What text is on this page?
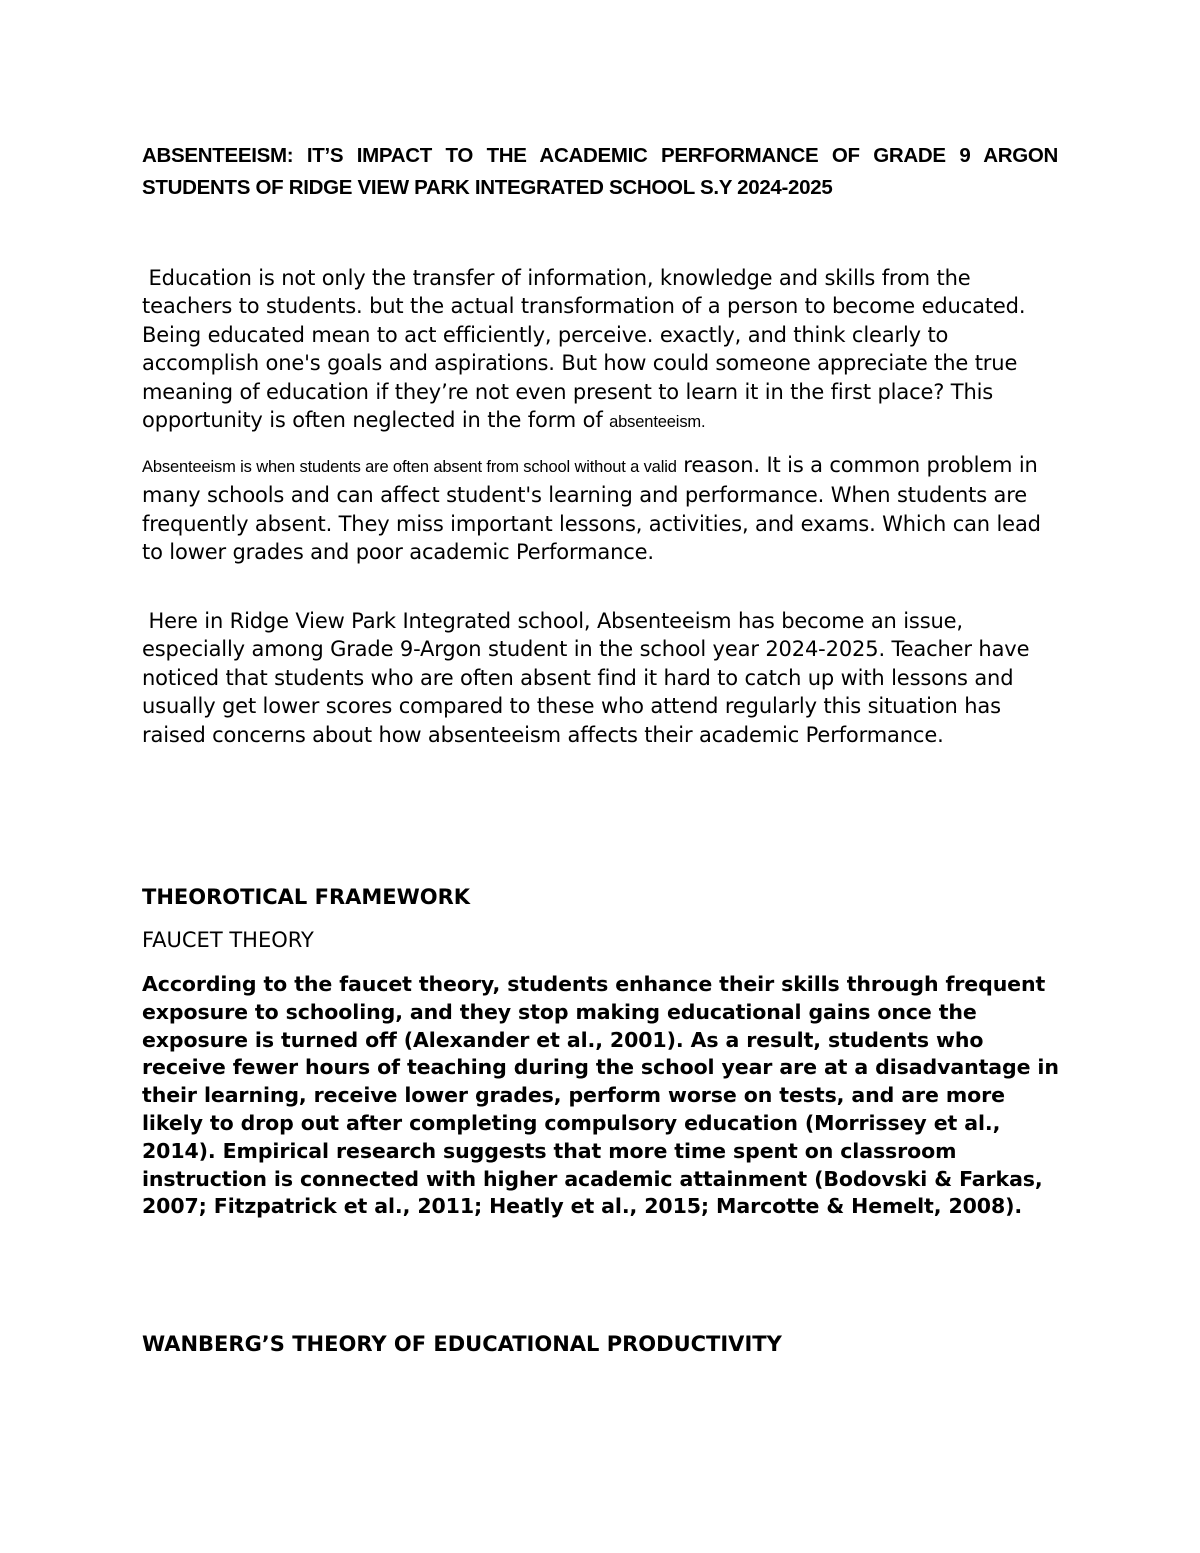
ABSENTEEISM: IT’S IMPACT TO THE ACADEMIC PERFORMANCE OF GRADE 9 ARGON
STUDENTS OF RIDGE VIEW PARK INTEGRATED SCHOOL S.Y 2024-2025

Education is not only the transfer of information, knowledge and skills from the teachers to students. but the actual transformation of a person to become educated. Being educated mean to act efficiently, perceive. exactly, and think clearly to accomplish one's goals and aspirations. But how could someone appreciate the true meaning of education if they’re not even present to learn it in the first place? This opportunity is often neglected in the form of absenteeism.

Absenteeism is when students are often absent from school without a valid reason. It is a common problem in many schools and can affect student's learning and performance. When students are frequently absent. They miss important lessons, activities, and exams. Which can lead to lower grades and poor academic Performance.

Here in Ridge View Park Integrated school, Absenteeism has become an issue, especially among Grade 9-Argon student in the school year 2024-2025. Teacher have noticed that students who are often absent find it hard to catch up with lessons and usually get lower scores compared to these who attend regularly this situation has raised concerns about how absenteeism affects their academic Performance.

THEOROTICAL FRAMEWORK
FAUCET THEORY

According to the faucet theory, students enhance their skills through frequent exposure to schooling, and they stop making educational gains once the exposure is turned off (Alexander et al., 2001). As a result, students who receive fewer hours of teaching during the school year are at a disadvantage in their learning, receive lower grades, perform worse on tests, and are more likely to drop out after completing compulsory education (Morrissey et al., 2014). Empirical research suggests that more time spent on classroom instruction is connected with higher academic attainment (Bodovski & Farkas, 2007; Fitzpatrick et al., 2011; Heatly et al., 2015; Marcotte & Hemelt, 2008).

WANBERG’S THEORY OF EDUCATIONAL PRODUCTIVITY
